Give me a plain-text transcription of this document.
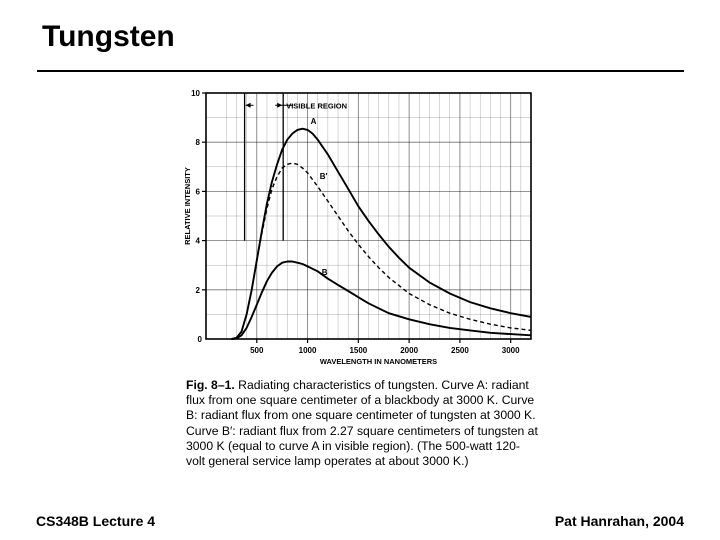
Tungsten
500	1000	1500	2000	2500	3000
0
2
4
6
8
10
WAVELENGTH IN NANOMETERS
RELATIVE INTENSITY
VISIBLE REGION
A
B′
B
Fig. 8–1. Radiating characteristics of tungsten. Curve A: radiant flux from one square centimeter of a blackbody at 3000 K. Curve B: radiant flux from one square centimeter of tungsten at 3000 K. Curve B′: radiant flux from 2.27 square centimeters of tungsten at 3000 K (equal to curve A in visible region). (The 500-watt 120-volt general service lamp operates at about 3000 K.)
CS348B Lecture 4	Pat Hanrahan, 2004
